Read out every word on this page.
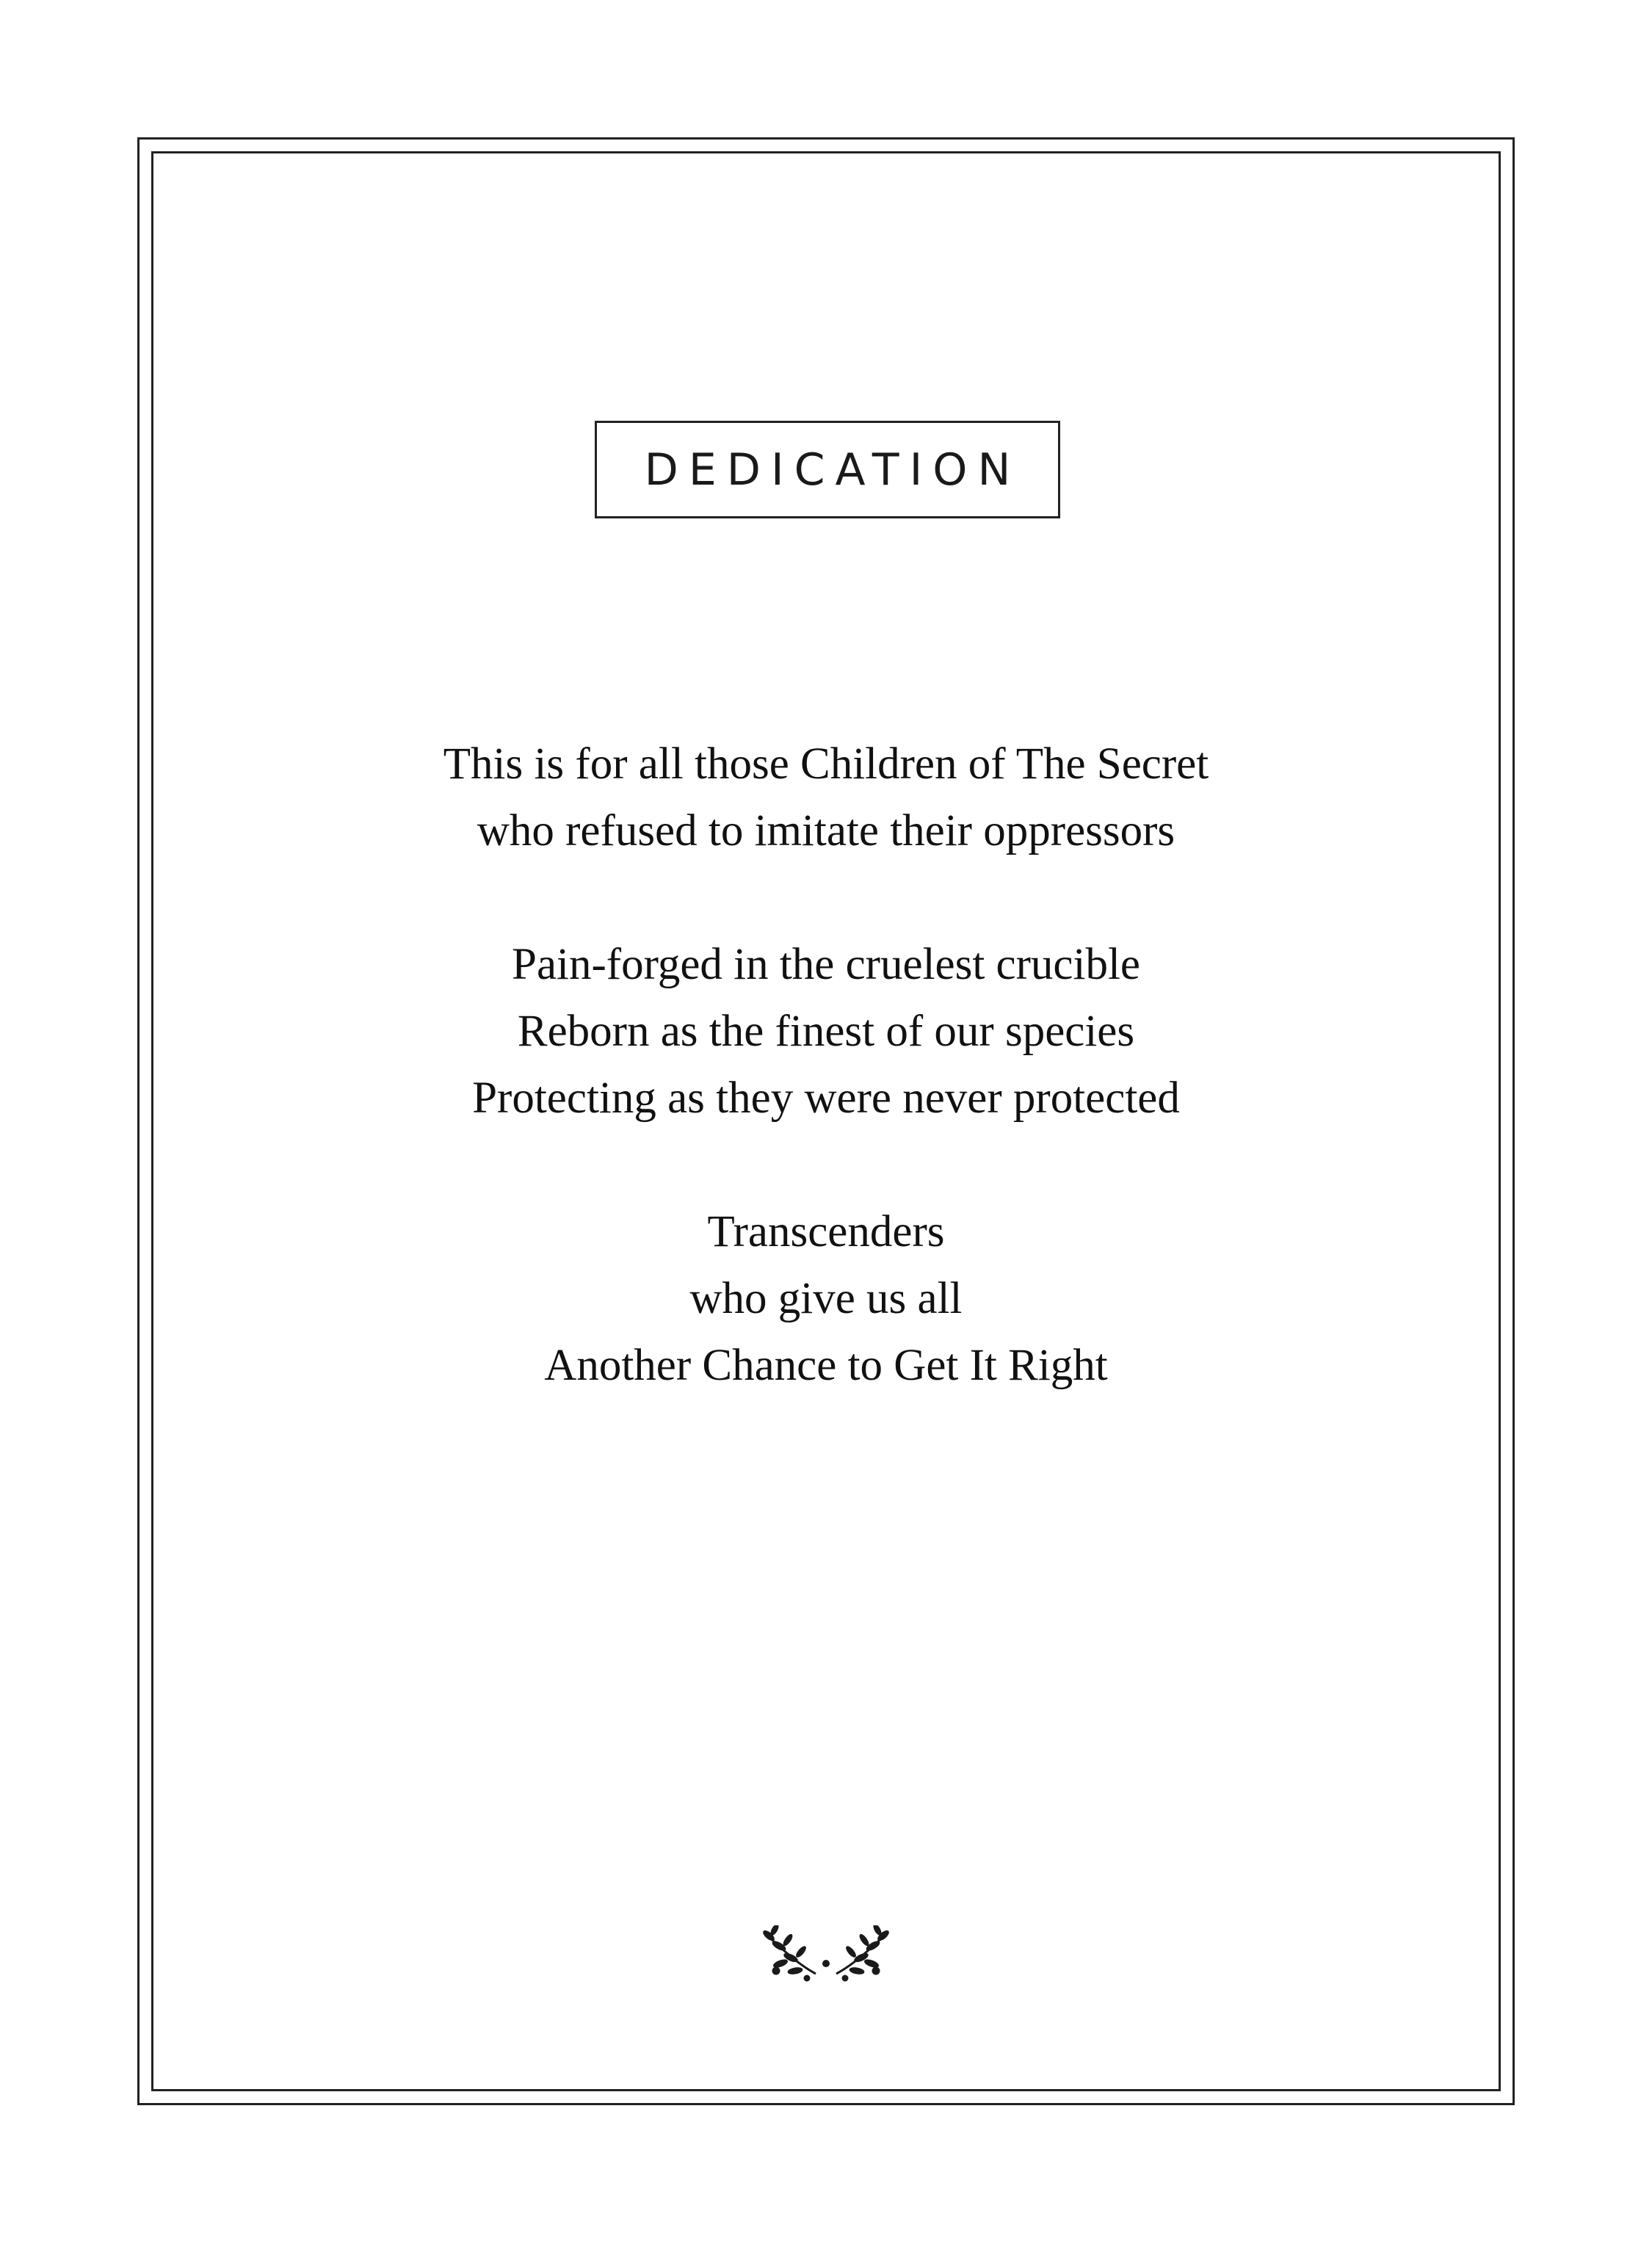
DEDICATION
This is for all those Children of The Secret
who refused to imitate their oppressors
Pain-forged in the cruelest crucible
Reborn as the finest of our species
Protecting as they were never protected
Transcenders
who give us all
Another Chance to Get It Right
